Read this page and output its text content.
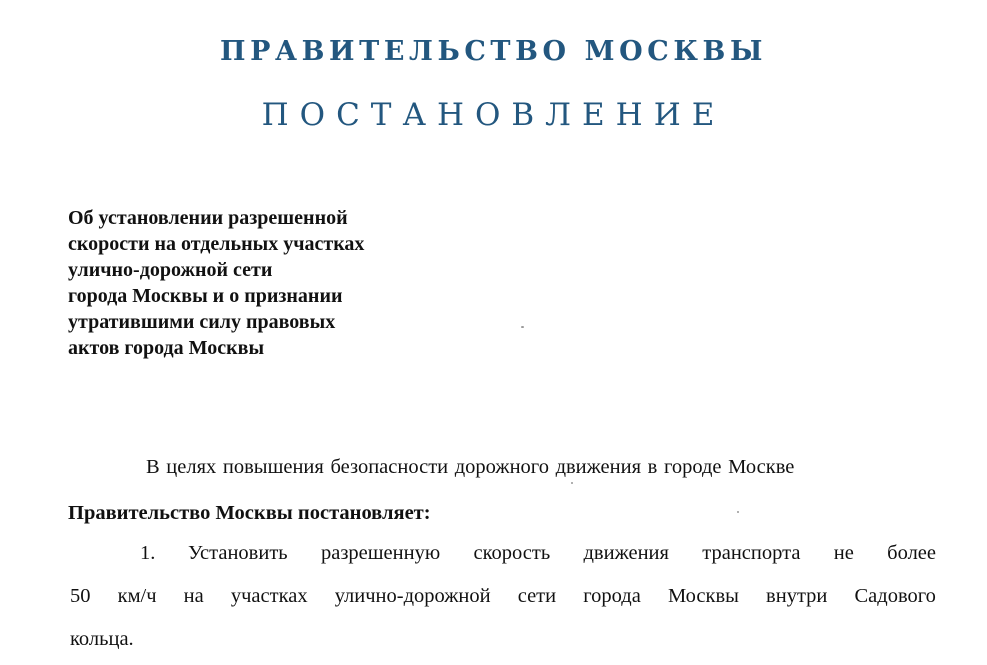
ПРАВИТЕЛЬСТВО МОСКВЫ
ПОСТАНОВЛЕНИЕ
Об установлении разрешенной
скорости на отдельных участках
улично-дорожной сети
города Москвы и о признании
утратившими силу правовых
актов города Москвы
В целях повышения безопасности дорожного движения в городе Москве
Правительство Москвы постановляет:
1. Установить разрешенную скорость движения транспорта не более
50 км/ч на участках улично-дорожной сети города Москвы внутри Садового
кольца.
